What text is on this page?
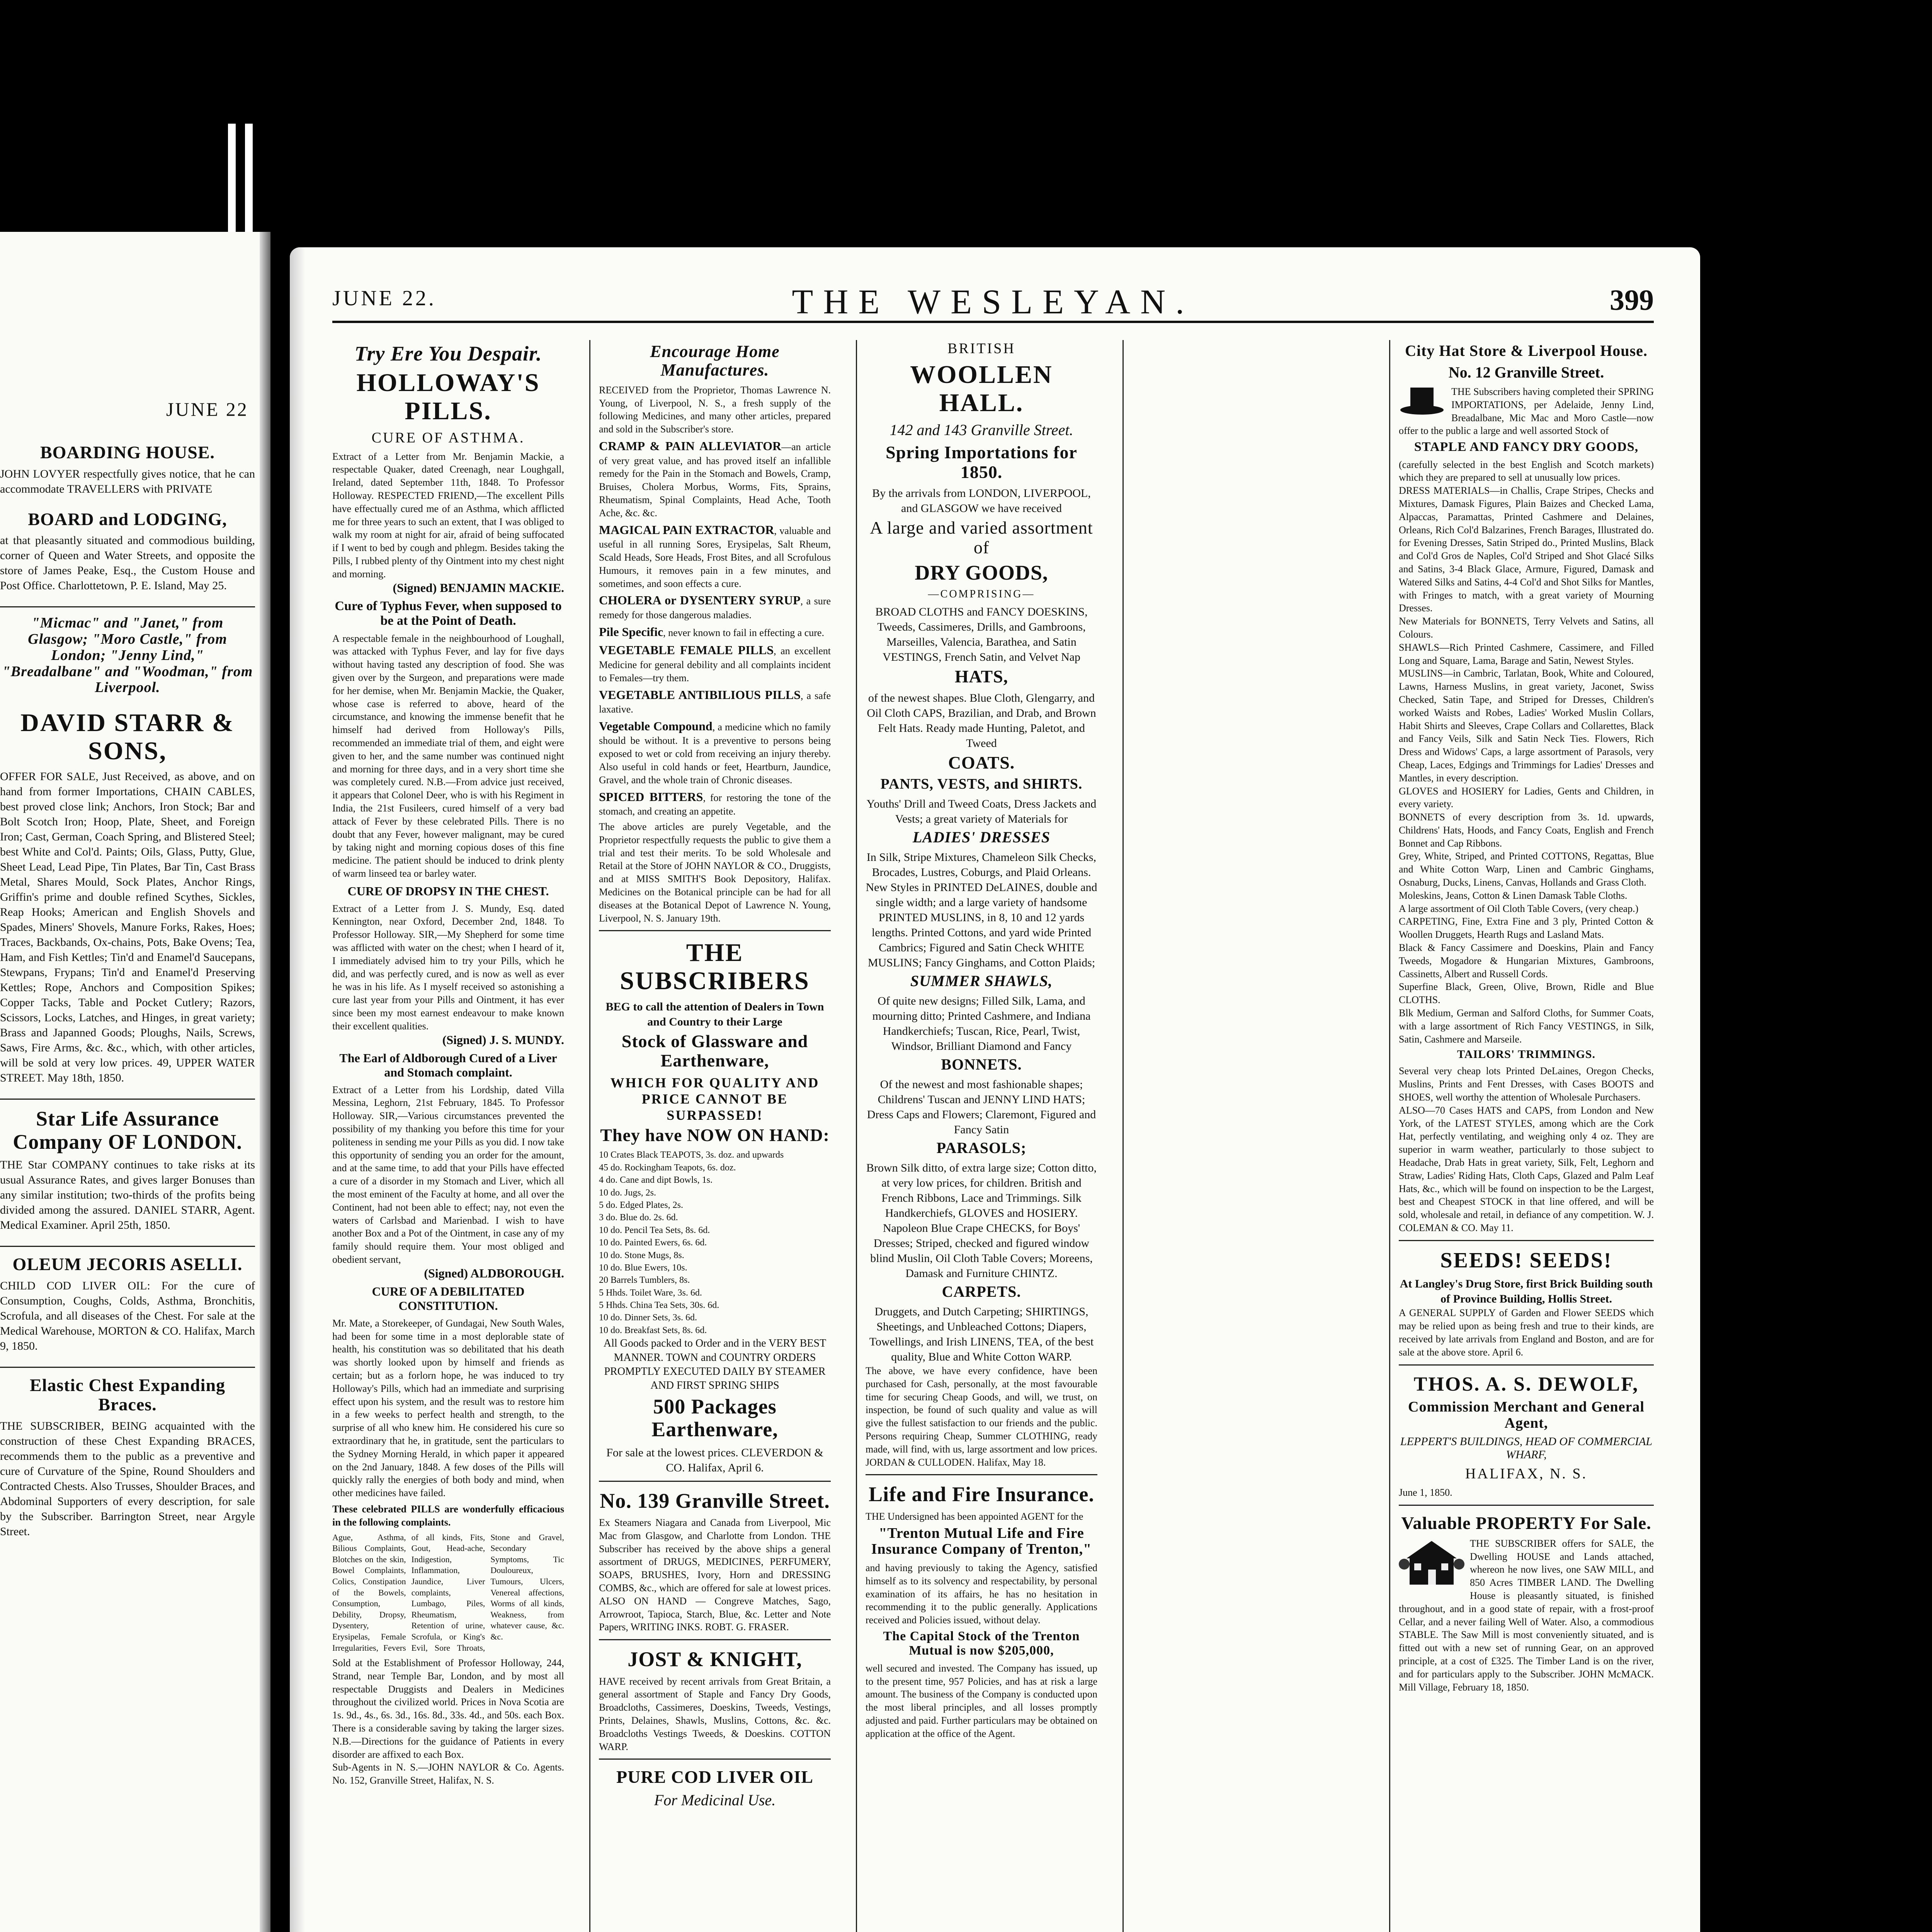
JUNE 22
BOARDING HOUSE.
JOHN LOVYER respectfully gives notice, that he can accommodate TRAVELLERS with PRIVATE
BOARD and LODGING,
at that pleasantly situated and commodious building, corner of Queen and Water Streets, and opposite the store of James Peake, Esq., the Custom House and Post Office. Charlottetown, P. E. Island, May 25.
"Micmac" and "Janet," from Glasgow; "Moro Castle," from London; "Jenny Lind," "Breadalbane" and "Woodman," from Liverpool.
DAVID STARR & SONS,
OFFER FOR SALE, Just Received, as above, and on hand from former Importations, CHAIN CABLES, best proved close link; Anchors, Iron Stock; Bar and Bolt Scotch Iron; Hoop, Plate, Sheet, and Foreign Iron; Cast, German, Coach Spring, and Blistered Steel; best White and Col'd. Paints; Oils, Glass, Putty, Glue, Sheet Lead, Lead Pipe, Tin Plates, Bar Tin, Cast Brass Metal, Shares Mould, Sock Plates, Anchor Rings, Griffin's prime and double refined Scythes, Sickles, Reap Hooks; American and English Shovels and Spades, Miners' Shovels, Manure Forks, Rakes, Hoes; Traces, Backbands, Ox-chains, Pots, Bake Ovens; Tea, Ham, and Fish Kettles; Tin'd and Enamel'd Saucepans, Stewpans, Frypans; Tin'd and Enamel'd Preserving Kettles; Rope, Anchors and Composition Spikes; Copper Tacks, Table and Pocket Cutlery; Razors, Scissors, Locks, Latches, and Hinges, in great variety; Brass and Japanned Goods; Ploughs, Nails, Screws, Saws, Fire Arms, &c. &c., which, with other articles, will be sold at very low prices. 49, UPPER WATER STREET. May 18th, 1850.
Star Life Assurance Company OF LONDON.
THE Star COMPANY continues to take risks at its usual Assurance Rates, and gives larger Bonuses than any similar institution; two-thirds of the profits being divided among the assured. DANIEL STARR, Agent. Medical Examiner. April 25th, 1850.
OLEUM JECORIS ASELLI.
CHILD COD LIVER OIL: For the cure of Consumption, Coughs, Colds, Asthma, Bronchitis, Scrofula, and all diseases of the Chest. For sale at the Medical Warehouse, MORTON & CO. Halifax, March 9, 1850.
Elastic Chest Expanding Braces.
THE SUBSCRIBER, BEING acquainted with the construction of these Chest Expanding BRACES, recommends them to the public as a preventive and cure of Curvature of the Spine, Round Shoulders and Contracted Chests. Also Trusses, Shoulder Braces, and Abdominal Supporters of every description, for sale by the Subscriber. Barrington Street, near Argyle Street.
JUNE 22.	THE WESLEYAN.	399
Try Ere You Despair.
HOLLOWAY'S PILLS.
CURE OF ASTHMA.
Extract of a Letter from Mr. Benjamin Mackie, a respectable Quaker, dated Creenagh, near Loughgall, Ireland, dated September 11th, 1848. To Professor Holloway. RESPECTED FRIEND,—The excellent Pills have effectually cured me of an Asthma, which afflicted me for three years to such an extent, that I was obliged to walk my room at night for air, afraid of being suffocated if I went to bed by cough and phlegm. Besides taking the Pills, I rubbed plenty of thy Ointment into my chest night and morning.
(Signed) BENJAMIN MACKIE.
Cure of Typhus Fever, when supposed to be at the Point of Death.
A respectable female in the neighbourhood of Loughall, was attacked with Typhus Fever, and lay for five days without having tasted any description of food. She was given over by the Surgeon, and preparations were made for her demise, when Mr. Benjamin Mackie, the Quaker, whose case is referred to above, heard of the circumstance, and knowing the immense benefit that he himself had derived from Holloway's Pills, recommended an immediate trial of them, and eight were given to her, and the same number was continued night and morning for three days, and in a very short time she was completely cured. N.B.—From advice just received, it appears that Colonel Deer, who is with his Regiment in India, the 21st Fusileers, cured himself of a very bad attack of Fever by these celebrated Pills. There is no doubt that any Fever, however malignant, may be cured by taking night and morning copious doses of this fine medicine. The patient should be induced to drink plenty of warm linseed tea or barley water.
CURE OF DROPSY IN THE CHEST.
Extract of a Letter from J. S. Mundy, Esq. dated Kennington, near Oxford, December 2nd, 1848. To Professor Holloway. SIR,—My Shepherd for some time was afflicted with water on the chest; when I heard of it, I immediately advised him to try your Pills, which he did, and was perfectly cured, and is now as well as ever he was in his life. As I myself received so astonishing a cure last year from your Pills and Ointment, it has ever since been my most earnest endeavour to make known their excellent qualities.
(Signed) J. S. MUNDY.
The Earl of Aldborough Cured of a Liver and Stomach complaint.
Extract of a Letter from his Lordship, dated Villa Messina, Leghorn, 21st February, 1845. To Professor Holloway. SIR,—Various circumstances prevented the possibility of my thanking you before this time for your politeness in sending me your Pills as you did. I now take this opportunity of sending you an order for the amount, and at the same time, to add that your Pills have effected a cure of a disorder in my Stomach and Liver, which all the most eminent of the Faculty at home, and all over the Continent, had not been able to effect; nay, not even the waters of Carlsbad and Marienbad. I wish to have another Box and a Pot of the Ointment, in case any of my family should require them. Your most obliged and obedient servant,
(Signed) ALDBOROUGH.
CURE OF A DEBILITATED CONSTITUTION.
Mr. Mate, a Storekeeper, of Gundagai, New South Wales, had been for some time in a most deplorable state of health, his constitution was so debilitated that his death was shortly looked upon by himself and friends as certain; but as a forlorn hope, he was induced to try Holloway's Pills, which had an immediate and surprising effect upon his system, and the result was to restore him in a few weeks to perfect health and strength, to the surprise of all who knew him. He considered his cure so extraordinary that he, in gratitude, sent the particulars to the Sydney Morning Herald, in which paper it appeared on the 2nd January, 1848. A few doses of the Pills will quickly rally the energies of both body and mind, when other medicines have failed.
These celebrated PILLS are wonderfully efficacious in the following complaints.
Ague, Asthma, Bilious Complaints, Blotches on the skin, Bowel Complaints, Colics, Constipation of the Bowels, Consumption, Debility, Dropsy, Dysentery, Erysipelas, Female Irregularities, Fevers of all kinds, Fits, Gout, Head-ache, Indigestion, Inflammation, Jaundice, Liver complaints, Lumbago, Piles, Rheumatism, Retention of urine, Scrofula, or King's Evil, Sore Throats, Stone and Gravel, Secondary Symptoms, Tic Douloureux, Tumours, Ulcers, Venereal affections, Worms of all kinds, Weakness, from whatever cause, &c. &c.
Sold at the Establishment of Professor Holloway, 244, Strand, near Temple Bar, London, and by most all respectable Druggists and Dealers in Medicines throughout the civilized world. Prices in Nova Scotia are 1s. 9d., 4s., 6s. 3d., 16s. 8d., 33s. 4d., and 50s. each Box. There is a considerable saving by taking the larger sizes. N.B.—Directions for the guidance of Patients in every disorder are affixed to each Box.
Sub-Agents in N. S.—JOHN NAYLOR & Co. Agents. No. 152, Granville Street, Halifax, N. S.
Encourage Home Manufactures.
RECEIVED from the Proprietor, Thomas Lawrence N. Young, of Liverpool, N. S., a fresh supply of the following Medicines, and many other articles, prepared and sold in the Subscriber's store.
CRAMP & PAIN ALLEVIATOR—an article of very great value, and has proved itself an infallible remedy for the Pain in the Stomach and Bowels, Cramp, Bruises, Cholera Morbus, Worms, Fits, Sprains, Rheumatism, Spinal Complaints, Head Ache, Tooth Ache, &c. &c.
MAGICAL PAIN EXTRACTOR, valuable and useful in all running Sores, Erysipelas, Salt Rheum, Scald Heads, Sore Heads, Frost Bites, and all Scrofulous Humours, it removes pain in a few minutes, and sometimes, and soon effects a cure.
CHOLERA or DYSENTERY SYRUP, a sure remedy for those dangerous maladies.
Pile Specific, never known to fail in effecting a cure.
VEGETABLE FEMALE PILLS, an excellent Medicine for general debility and all complaints incident to Females—try them.
VEGETABLE ANTIBILIOUS PILLS, a safe laxative.
Vegetable Compound, a medicine which no family should be without. It is a preventive to persons being exposed to wet or cold from receiving an injury thereby. Also useful in cold hands or feet, Heartburn, Jaundice, Gravel, and the whole train of Chronic diseases.
SPICED BITTERS, for restoring the tone of the stomach, and creating an appetite.
The above articles are purely Vegetable, and the Proprietor respectfully requests the public to give them a trial and test their merits. To be sold Wholesale and Retail at the Store of JOHN NAYLOR & CO., Druggists, and at MISS SMITH'S Book Depository, Halifax. Medicines on the Botanical principle can be had for all diseases at the Botanical Depot of Lawrence N. Young, Liverpool, N. S. January 19th.
THE SUBSCRIBERS
BEG to call the attention of Dealers in Town and Country to their Large
Stock of Glassware and Earthenware,
WHICH FOR QUALITY AND PRICE CANNOT BE SURPASSED!
They have NOW ON HAND:
10 Crates Black TEAPOTS, 3s. doz. and upwards
45 do. Rockingham Teapots, 6s. doz.
4 do. Cane and dipt Bowls, 1s.
10 do. Jugs, 2s.
5 do. Edged Plates, 2s.
3 do. Blue do. 2s. 6d.
10 do. Pencil Tea Sets, 8s. 6d.
10 do. Painted Ewers, 6s. 6d.
10 do. Stone Mugs, 8s.
10 do. Blue Ewers, 10s.
20 Barrels Tumblers, 8s.
5 Hhds. Toilet Ware, 3s. 6d.
5 Hhds. China Tea Sets, 30s. 6d.
10 do. Dinner Sets, 3s. 6d.
10 do. Breakfast Sets, 8s. 6d.
All Goods packed to Order and in the VERY BEST MANNER. TOWN and COUNTRY ORDERS PROMPTLY EXECUTED DAILY BY STEAMER AND FIRST SPRING SHIPS
500 Packages Earthenware,
For sale at the lowest prices. CLEVERDON & CO. Halifax, April 6.
No. 139 Granville Street.
Ex Steamers Niagara and Canada from Liverpool, Mic Mac from Glasgow, and Charlotte from London. THE Subscriber has received by the above ships a general assortment of DRUGS, MEDICINES, PERFUMERY, SOAPS, BRUSHES, Ivory, Horn and DRESSING COMBS, &c., which are offered for sale at lowest prices. ALSO ON HAND — Congreve Matches, Sago, Arrowroot, Tapioca, Starch, Blue, &c. Letter and Note Papers, WRITING INKS. ROBT. G. FRASER.
JOST & KNIGHT,
HAVE received by recent arrivals from Great Britain, a general assortment of Staple and Fancy Dry Goods, Broadcloths, Cassimeres, Doeskins, Tweeds, Vestings, Prints, Delaines, Shawls, Muslins, Cottons, &c. &c. Broadcloths Vestings Tweeds, & Doeskins. COTTON WARP.
PURE COD LIVER OIL
For Medicinal Use.
BRITISH
WOOLLEN HALL.
142 and 143 Granville Street.
Spring Importations for 1850.
By the arrivals from LONDON, LIVERPOOL, and GLASGOW we have received
A large and varied assortment of
DRY GOODS,
—COMPRISING—
BROAD CLOTHS and FANCY DOESKINS, Tweeds, Cassimeres, Drills, and Gambroons, Marseilles, Valencia, Barathea, and Satin VESTINGS, French Satin, and Velvet Nap
HATS,
of the newest shapes. Blue Cloth, Glengarry, and Oil Cloth CAPS, Brazilian, and Drab, and Brown Felt Hats. Ready made Hunting, Paletot, and Tweed
COATS.
PANTS, VESTS, and SHIRTS.
Youths' Drill and Tweed Coats, Dress Jackets and Vests; a great variety of Materials for
LADIES' DRESSES
In Silk, Stripe Mixtures, Chameleon Silk Checks, Brocades, Lustres, Coburgs, and Plaid Orleans. New Styles in PRINTED DeLAINES, double and single width; and a large variety of handsome PRINTED MUSLINS, in 8, 10 and 12 yards lengths. Printed Cottons, and yard wide Printed Cambrics; Figured and Satin Check WHITE MUSLINS; Fancy Ginghams, and Cotton Plaids;
SUMMER SHAWLS,
Of quite new designs; Filled Silk, Lama, and mourning ditto; Printed Cashmere, and Indiana Handkerchiefs; Tuscan, Rice, Pearl, Twist, Windsor, Brilliant Diamond and Fancy
BONNETS.
Of the newest and most fashionable shapes; Childrens' Tuscan and JENNY LIND HATS; Dress Caps and Flowers; Claremont, Figured and Fancy Satin
PARASOLS;
Brown Silk ditto, of extra large size; Cotton ditto, at very low prices, for children. British and French Ribbons, Lace and Trimmings. Silk Handkerchiefs, GLOVES and HOSIERY. Napoleon Blue Crape CHECKS, for Boys' Dresses; Striped, checked and figured window blind Muslin, Oil Cloth Table Covers; Moreens, Damask and Furniture CHINTZ.
CARPETS.
Druggets, and Dutch Carpeting; SHIRTINGS, Sheetings, and Unbleached Cottons; Diapers, Towellings, and Irish LINENS, TEA, of the best quality, Blue and White Cotton WARP.
The above, we have every confidence, have been purchased for Cash, personally, at the most favourable time for securing Cheap Goods, and will, we trust, on inspection, be found of such quality and value as will give the fullest satisfaction to our friends and the public. Persons requiring Cheap, Summer CLOTHING, ready made, will find, with us, large assortment and low prices. JORDAN & CULLODEN. Halifax, May 18.
Life and Fire Insurance.
THE Undersigned has been appointed AGENT for the
"Trenton Mutual Life and Fire Insurance Company of Trenton,"
and having previously to taking the Agency, satisfied himself as to its solvency and respectability, by personal examination of its affairs, he has no hesitation in recommending it to the public generally. Applications received and Policies issued, without delay.
The Capital Stock of the Trenton Mutual is now $205,000,
well secured and invested. The Company has issued, up to the present time, 957 Policies, and has at risk a large amount. The business of the Company is conducted upon the most liberal principles, and all losses promptly adjusted and paid. Further particulars may be obtained on application at the office of the Agent.
City Hat Store & Liverpool House.
No. 12 Granville Street.
THE Subscribers having completed their SPRING IMPORTATIONS, per Adelaide, Jenny Lind, Breadalbane, Mic Mac and Moro Castle—now offer to the public a large and well assorted Stock of
STAPLE AND FANCY DRY GOODS,
(carefully selected in the best English and Scotch markets) which they are prepared to sell at unusually low prices.
DRESS MATERIALS—in Challis, Crape Stripes, Checks and Mixtures, Damask Figures, Plain Baizes and Checked Lama, Alpaccas, Paramattas, Printed Cashmere and Delaines, Orleans, Rich Col'd Balzarines, French Barages, Illustrated do. for Evening Dresses, Satin Striped do., Printed Muslins, Black and Col'd Gros de Naples, Col'd Striped and Shot Glacé Silks and Satins, 3-4 Black Glace, Armure, Figured, Damask and Watered Silks and Satins, 4-4 Col'd and Shot Silks for Mantles, with Fringes to match, with a great variety of Mourning Dresses.
New Materials for BONNETS, Terry Velvets and Satins, all Colours.
SHAWLS—Rich Printed Cashmere, Cassimere, and Filled Long and Square, Lama, Barage and Satin, Newest Styles.
MUSLINS—in Cambric, Tarlatan, Book, White and Coloured, Lawns, Harness Muslins, in great variety, Jaconet, Swiss Checked, Satin Tape, and Striped for Dresses, Children's worked Waists and Robes, Ladies' Worked Muslin Collars, Habit Shirts and Sleeves, Crape Collars and Collarettes, Black and Fancy Veils, Silk and Satin Neck Ties. Flowers, Rich Dress and Widows' Caps, a large assortment of Parasols, very Cheap, Laces, Edgings and Trimmings for Ladies' Dresses and Mantles, in every description.
GLOVES and HOSIERY for Ladies, Gents and Children, in every variety.
BONNETS of every description from 3s. 1d. upwards, Childrens' Hats, Hoods, and Fancy Coats, English and French Bonnet and Cap Ribbons.
Grey, White, Striped, and Printed COTTONS, Regattas, Blue and White Cotton Warp, Linen and Cambric Ginghams, Osnaburg, Ducks, Linens, Canvas, Hollands and Grass Cloth.
Moleskins, Jeans, Cotton & Linen Damask Table Cloths.
A large assortment of Oil Cloth Table Covers, (very cheap.)
CARPETING, Fine, Extra Fine and 3 ply, Printed Cotton & Woollen Druggets, Hearth Rugs and Lasland Mats.
Black & Fancy Cassimere and Doeskins, Plain and Fancy Tweeds, Mogadore & Hungarian Mixtures, Gambroons, Cassinetts, Albert and Russell Cords.
Superfine Black, Green, Olive, Brown, Ridle and Blue CLOTHS.
Blk Medium, German and Salford Cloths, for Summer Coats, with a large assortment of Rich Fancy VESTINGS, in Silk, Satin, Cashmere and Marseile.
TAILORS' TRIMMINGS.
Several very cheap lots Printed DeLaines, Oregon Checks, Muslins, Prints and Fent Dresses, with Cases BOOTS and SHOES, well worthy the attention of Wholesale Purchasers.
ALSO—70 Cases HATS and CAPS, from London and New York, of the LATEST STYLES, among which are the Cork Hat, perfectly ventilating, and weighing only 4 oz. They are superior in warm weather, particularly to those subject to Headache, Drab Hats in great variety, Silk, Felt, Leghorn and Straw, Ladies' Riding Hats, Cloth Caps, Glazed and Palm Leaf Hats, &c., which will be found on inspection to be the Largest, best and Cheapest STOCK in that line offered, and will be sold, wholesale and retail, in defiance of any competition. W. J. COLEMAN & CO. May 11.
SEEDS! SEEDS!
At Langley's Drug Store, first Brick Building south of Province Building, Hollis Street.
A GENERAL SUPPLY of Garden and Flower SEEDS which may be relied upon as being fresh and true to their kinds, are received by late arrivals from England and Boston, and are for sale at the above store. April 6.
THOS. A. S. DEWOLF,
Commission Merchant and General Agent,
LEPPERT'S BUILDINGS, HEAD OF COMMERCIAL WHARF,
HALIFAX, N. S.
June 1, 1850.
Valuable PROPERTY For Sale.
THE SUBSCRIBER offers for SALE, the Dwelling HOUSE and Lands attached, whereon he now lives, one SAW MILL, and 850 Acres TIMBER LAND. The Dwelling House is pleasantly situated, is finished throughout, and in a good state of repair, with a frost-proof Cellar, and a never failing Well of Water. Also, a commodious STABLE. The Saw Mill is most conveniently situated, and is fitted out with a new set of running Gear, on an approved principle, at a cost of £325. The Timber Land is on the river, and for particulars apply to the Subscriber. JOHN McMACK. Mill Village, February 18, 1850.
